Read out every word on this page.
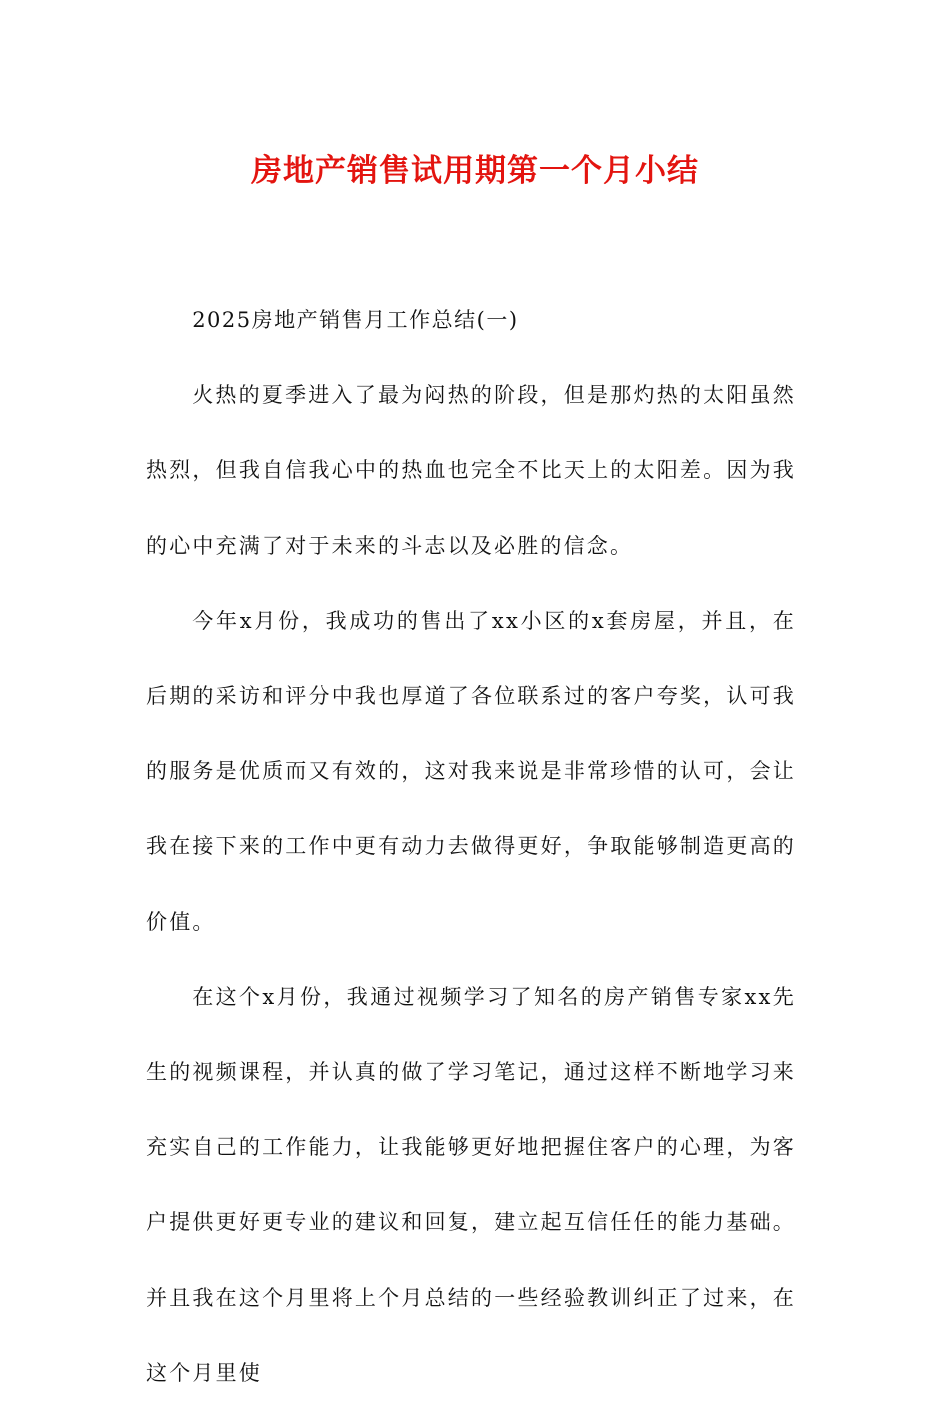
房地产销售试用期第一个月小结

2025房地产销售月工作总结(一)

火热的夏季进入了最为闷热的阶段，但是那灼热的太阳虽然热烈，但我自信我心中的热血也完全不比天上的太阳差。因为我的心中充满了对于未来的斗志以及必胜的信念。

今年x月份，我成功的售出了xx小区的x套房屋，并且，在后期的采访和评分中我也厚道了各位联系过的客户夸奖，认可我的服务是优质而又有效的，这对我来说是非常珍惜的认可，会让我在接下来的工作中更有动力去做得更好，争取能够制造更高的价值。

在这个x月份，我通过视频学习了知名的房产销售专家xx先生的视频课程，并认真的做了学习笔记，通过这样不断地学习来充实自己的工作能力，让我能够更好地把握住客户的心理，为客户提供更好更专业的建议和回复，建立起互信任任的能力基础。并且我在这个月里将上个月总结的一些经验教训纠正了过来，在这个月里使
